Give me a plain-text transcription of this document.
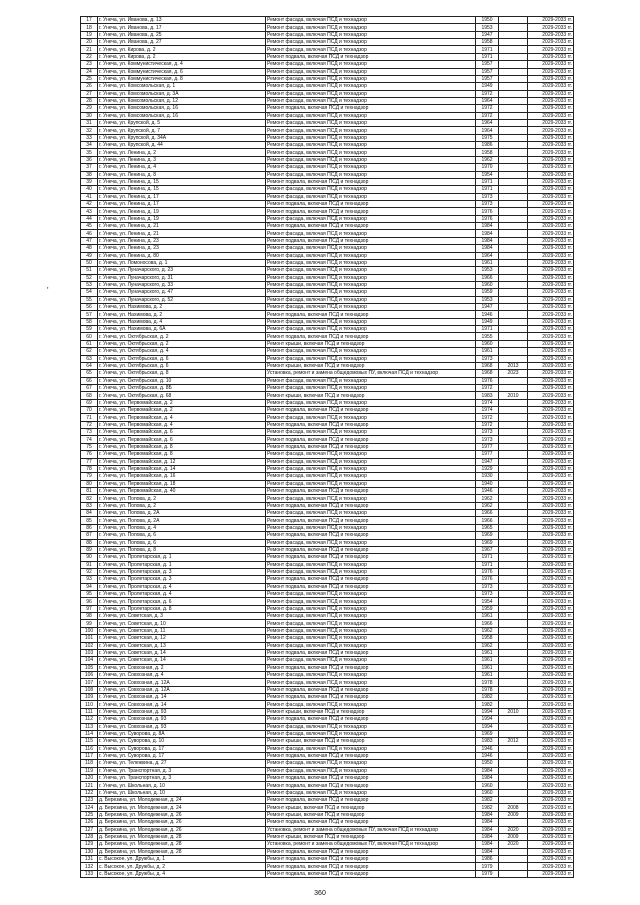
'
17	г. Унеча, ул. Иванова, д. 13	Ремонт фасада, включая ПСД и технадзор	1950		2029-2033 гг.
18	г. Унеча, ул. Иванова, д. 17	Ремонт фасада, включая ПСД и технадзор	1953		2029-2033 гг.
19	г. Унеча, ул. Иванова, д. 25	Ремонт фасада, включая ПСД и технадзор	1947		2029-2033 гг.
20	г. Унеча, ул. Иванова, д. 27	Ремонт фасада, включая ПСД и технадзор	1958		2029-2033 гг.
21	г. Унеча, ул. Кирова, д. 2	Ремонт фасада, включая ПСД и технадзор	1971		2029-2033 гг.
22	г. Унеча, ул. Кирова, д. 2	Ремонт подвала, включая ПСД и технадзор	1971		2029-2033 гг.
23	г. Унеча, ул. Коммунистическая, д. 4	Ремонт фасада, включая ПСД и технадзор	1957		2029-2033 гг.
24	г. Унеча, ул. Коммунистическая, д. 6	Ремонт фасада, включая ПСД и технадзор	1957		2029-2033 гг.
25	г. Унеча, ул. Коммунистическая, д. 8	Ремонт фасада, включая ПСД и технадзор	1957		2029-2033 гг.
26	г. Унеча, ул. Комсомольская, д. 1	Ремонт фасада, включая ПСД и технадзор	1949		2029-2033 гг.
27	г. Унеча, ул. Комсомольская, д. 3А	Ремонт фасада, включая ПСД и технадзор	1972		2029-2033 гг.
28	г. Унеча, ул. Комсомольская, д. 12	Ремонт фасада, включая ПСД и технадзор	1964		2029-2033 гг.
29	г. Унеча, ул. Комсомольская, д. 16	Ремонт подвала, включая ПСД и технадзор	1972		2029-2033 гг.
30	г. Унеча, ул. Комсомольская, д. 16	Ремонт фасада, включая ПСД и технадзор	1972		2029-2033 гг.
31	г. Унеча, ул. Крупской, д. 5	Ремонт фасада, включая ПСД и технадзор	1964		2029-2033 гг.
32	г. Унеча, ул. Крупской, д. 7	Ремонт фасада, включая ПСД и технадзор	1964		2029-2033 гг.
33	г. Унеча, ул. Крупской, д. 34А	Ремонт фасада, включая ПСД и технадзор	1975		2029-2033 гг.
34	г. Унеча, ул. Крупской, д. 44	Ремонт фасада, включая ПСД и технадзор	1986		2029-2033 гг.
35	г. Унеча, ул. Ленина, д. 2	Ремонт фасада, включая ПСД и технадзор	1958		2029-2033 гг.
36	г. Унеча, ул. Ленина, д. 3	Ремонт фасада, включая ПСД и технадзор	1962		2029-2033 гг.
37	г. Унеча, ул. Ленина, д. 4	Ремонт фасада, включая ПСД и технадзор	1970		2029-2033 гг.
38	г. Унеча, ул. Ленина, д. 8	Ремонт фасада, включая ПСД и технадзор	1954		2029-2033 гг.
39	г. Унеча, ул. Ленина, д. 15	Ремонт подвала, включая ПСД и технадзор	1971		2029-2033 гг.
40	г. Унеча, ул. Ленина, д. 15	Ремонт фасада, включая ПСД и технадзор	1971		2029-2033 гг.
41	г. Унеча, ул. Ленина, д. 17	Ремонт фасада, включая ПСД и технадзор	1973		2029-2033 гг.
42	г. Унеча, ул. Ленина, д. 17	Ремонт подвала, включая ПСД и технадзор	1973		2029-2033 гг.
43	г. Унеча, ул. Ленина, д. 19	Ремонт подвала, включая ПСД и технадзор	1976		2029-2033 гг.
44	г. Унеча, ул. Ленина, д. 19	Ремонт фасада, включая ПСД и технадзор	1976		2029-2033 гг.
45	г. Унеча, ул. Ленина, д. 21	Ремонт подвала, включая ПСД и технадзор	1984		2029-2033 гг.
46	г. Унеча, ул. Ленина, д. 21	Ремонт фасада, включая ПСД и технадзор	1984		2029-2033 гг.
47	г. Унеча, ул. Ленина, д. 23	Ремонт подвала, включая ПСД и технадзор	1984		2029-2033 гг.
48	г. Унеча, ул. Ленина, д. 23	Ремонт фасада, включая ПСД и технадзор	1984		2029-2033 гг.
49	г. Унеча, ул. Ленина, д. 80	Ремонт фасада, включая ПСД и технадзор	1964		2029-2033 гг.
50	г. Унеча, ул. Ломоносова, д. 1	Ремонт фасада, включая ПСД и технадзор	1961		2029-2033 гг.
51	г. Унеча, ул. Луначарского, д. 23	Ремонт фасада, включая ПСД и технадзор	1953		2029-2033 гг.
52	г. Унеча, ул. Луначарского, д. 31	Ремонт фасада, включая ПСД и технадзор	1966		2029-2033 гг.
53	г. Унеча, ул. Луначарского, д. 33	Ремонт фасада, включая ПСД и технадзор	1960		2029-2033 гг.
54	г. Унеча, ул. Луначарского, д. 47	Ремонт фасада, включая ПСД и технадзор	1959		2029-2033 гг.
55	г. Унеча, ул. Луначарского, д. 52	Ремонт фасада, включая ПСД и технадзор	1953		2029-2033 гг.
56	г. Унеча, ул. Нахимова, д. 2	Ремонт фасада, включая ПСД и технадзор	1947		2029-2033 гг.
57	г. Унеча, ул. Нахимова, д. 2	Ремонт подвала, включая ПСД и технадзор	1946		2029-2033 гг.
58	г. Унеча, ул. Нахимова, д. 4	Ремонт фасада, включая ПСД и технадзор	1949		2029-2033 гг.
59	г. Унеча, ул. Нахимова, д. 6А	Ремонт фасада, включая ПСД и технадзор	1971		2029-2033 гг.
60	г. Унеча, ул. Октябрьская, д. 2	Ремонт подвала, включая ПСД и технадзор	1955		2029-2033 гг.
61	г. Унеча, ул. Октябрьская, д. 2	Ремонт крыши, включая ПСД и технадзор	1960		2029-2033 гг.
62	г. Унеча, ул. Октябрьская, д. 4	Ремонт фасада, включая ПСД и технадзор	1961		2029-2033 гг.
63	г. Унеча, ул. Октябрьская, д. 6	Ремонт фасада, включая ПСД и технадзор	1973		2029-2033 гг.
64	г. Унеча, ул. Октябрьская, д. 6	Ремонт крыши, включая ПСД и технадзор	1968	2013	2029-2033 гг.
65	г. Унеча, ул. Октябрьская, д. 8	Установка, ремонт и замена общедомовых ПУ, включая ПСД и технадзор	1968	2023	2029-2033 гг.
66	г. Унеча, ул. Октябрьская, д. 10	Ремонт фасада, включая ПСД и технадзор	1976		2029-2033 гг.
67	г. Унеча, ул. Октябрьская, д. 8Б	Ремонт фасада, включая ПСД и технадзор	1972		2029-2033 гг.
68	г. Унеча, ул. Октябрьская, д. 68	Ремонт крыши, включая ПСД и технадзор	1983	2010	2029-2033 гг.
69	г. Унеча, ул. Первомайская, д. 2	Ремонт фасада, включая ПСД и технадзор	1974		2029-2033 гг.
70	г. Унеча, ул. Первомайская, д. 2	Ремонт подвала, включая ПСД и технадзор	1974		2029-2033 гг.
71	г. Унеча, ул. Первомайская, д. 4	Ремонт фасада, включая ПСД и технадзор	1972		2029-2033 гг.
72	г. Унеча, ул. Первомайская, д. 4	Ремонт подвала, включая ПСД и технадзор	1972		2029-2033 гг.
73	г. Унеча, ул. Первомайская, д. 6	Ремонт фасада, включая ПСД и технадзор	1973		2029-2033 гг.
74	г. Унеча, ул. Первомайская, д. 6	Ремонт подвала, включая ПСД и технадзор	1973		2029-2033 гг.
75	г. Унеча, ул. Первомайская, д. 8	Ремонт подвала, включая ПСД и технадзор	1977		2029-2033 гг.
76	г. Унеча, ул. Первомайская, д. 8	Ремонт фасада, включая ПСД и технадзор	1977		2029-2033 гг.
77	г. Унеча, ул. Первомайская, д. 12	Ремонт фасада, включая ПСД и технадзор	1947		2029-2033 гг.
78	г. Унеча, ул. Первомайская, д. 14	Ремонт фасада, включая ПСД и технадзор	1929		2029-2033 гг.
79	г. Унеча, ул. Первомайская, д. 16	Ремонт фасада, включая ПСД и технадзор	1930		2029-2033 гг.
80	г. Унеча, ул. Первомайская, д. 18	Ремонт фасада, включая ПСД и технадзор	1940		2029-2033 гг.
81	г. Унеча, ул. Первомайская, д. 40	Ремонт подвала, включая ПСД и технадзор	1946		2029-2033 гг.
82	г. Унеча, ул. Попова, д. 2	Ремонт фасада, включая ПСД и технадзор	1962		2029-2033 гг.
83	г. Унеча, ул. Попова, д. 2	Ремонт подвала, включая ПСД и технадзор	1962		2029-2033 гг.
84	г. Унеча, ул. Попова, д. 2А	Ремонт фасада, включая ПСД и технадзор	1966		2029-2033 гг.
85	г. Унеча, ул. Попова, д. 2А	Ремонт подвала, включая ПСД и технадзор	1966		2029-2033 гг.
86	г. Унеча, ул. Попова, д. 4	Ремонт фасада, включая ПСД и технадзор	1965		2029-2033 гг.
87	г. Унеча, ул. Попова, д. 6	Ремонт подвала, включая ПСД и технадзор	1969		2029-2033 гг.
88	г. Унеча, ул. Попова, д. 6	Ремонт фасада, включая ПСД и технадзор	1969		2029-2033 гг.
89	г. Унеча, ул. Попова, д. 8	Ремонт подвала, включая ПСД и технадзор	1967		2029-2033 гг.
90	г. Унеча, ул. Пролетарская, д. 1	Ремонт подвала, включая ПСД и технадзор	1971		2029-2033 гг.
91	г. Унеча, ул. Пролетарская, д. 1	Ремонт фасада, включая ПСД и технадзор	1971		2029-2033 гг.
92	г. Унеча, ул. Пролетарская, д. 3	Ремонт фасада, включая ПСД и технадзор	1976		2029-2033 гг.
93	г. Унеча, ул. Пролетарская, д. 3	Ремонт подвала, включая ПСД и технадзор	1976		2029-2033 гг.
94	г. Унеча, ул. Пролетарская, д. 4	Ремонт подвала, включая ПСД и технадзор	1973		2029-2033 гг.
95	г. Унеча, ул. Пролетарская, д. 4	Ремонт фасада, включая ПСД и технадзор	1973		2029-2033 гг.
96	г. Унеча, ул. Пролетарская, д. 6	Ремонт фасада, включая ПСД и технадзор	1954		2029-2033 гг.
97	г. Унеча, ул. Пролетарская, д. 8	Ремонт фасада, включая ПСД и технадзор	1959		2029-2033 гг.
98	г. Унеча, ул. Советская, д. 3	Ремонт фасада, включая ПСД и технадзор	1961		2029-2033 гг.
99	г. Унеча, ул. Советская, д. 10	Ремонт фасада, включая ПСД и технадзор	1966		2029-2033 гг.
100	г. Унеча, ул. Советская, д. 11	Ремонт фасада, включая ПСД и технадзор	1962		2029-2033 гг.
101	г. Унеча, ул. Советская, д. 12	Ремонт фасада, включая ПСД и технадзор	1958		2029-2033 гг.
102	г. Унеча, ул. Советская, д. 13	Ремонт фасада, включая ПСД и технадзор	1962		2029-2033 гг.
103	г. Унеча, ул. Советская, д. 14	Ремонт подвала, включая ПСД и технадзор	1961		2029-2033 гг.
104	г. Унеча, ул. Советская, д. 14	Ремонт фасада, включая ПСД и технадзор	1961		2029-2033 гг.
105	г. Унеча, ул. Совхозная, д. 2	Ремонт подвала, включая ПСД и технадзор	1961		2029-2033 гг.
106	г. Унеча, ул. Совхозная, д. 4	Ремонт фасада, включая ПСД и технадзор	1961		2029-2033 гг.
107	г. Унеча, ул. Совхозная, д. 12А	Ремонт фасада, включая ПСД и технадзор	1978		2029-2033 гг.
108	г. Унеча, ул. Совхозная, д. 12А	Ремонт подвала, включая ПСД и технадзор	1978		2029-2033 гг.
109	г. Унеча, ул. Совхозная, д. 14	Ремонт подвала, включая ПСД и технадзор	1982		2029-2033 гг.
110	г. Унеча, ул. Совхозная, д. 14	Ремонт фасада, включая ПСД и технадзор	1982		2029-2033 гг.
111	г. Унеча, ул. Совхозная, д. 93	Ремонт крыши, включая ПСД и технадзор	1994	2010	2029-2033 гг.
112	г. Унеча, ул. Совхозная, д. 93	Ремонт подвала, включая ПСД и технадзор	1994		2029-2033 гг.
113	г. Унеча, ул. Совхозная, д. 93	Ремонт фасада, включая ПСД и технадзор	1994		2029-2033 гг.
114	г. Унеча, ул. Суворова, д. 8А	Ремонт фасада, включая ПСД и технадзор	1969		2029-2033 гг.
115	г. Унеча, ул. Суворова, д. 10	Ремонт крыши, включая ПСД и технадзор	1983	2012	2029-2033 гг.
116	г. Унеча, ул. Суворова, д. 17	Ремонт фасада, включая ПСД и технадзор	1946		2029-2033 гг.
117	г. Унеча, ул. Суворова, д. 17	Ремонт подвала, включая ПСД и технадзор	1946		2029-2033 гг.
118	г. Унеча, ул. Тележкина, д. 27	Ремонт фасада, включая ПСД и технадзор	1950		2029-2033 гг.
119	г. Унеча, ул. Транспортная, д. 3	Ремонт фасада, включая ПСД и технадзор	1984		2029-2033 гг.
120	г. Унеча, ул. Транспортная, д. 3	Ремонт подвала, включая ПСД и технадзор	1984		2029-2033 гг.
121	г. Унеча, ул. Школьная, д. 10	Ремонт подвала, включая ПСД и технадзор	1960		2029-2033 гг.
122	г. Унеча, ул. Школьная, д. 10	Ремонт фасада, включая ПСД и технадзор	1960		2029-2033 гг.
123	д. Березина, ул. Молодежная, д. 24	Ремонт подвала, включая ПСД и технадзор	1982		2029-2033 гг.
124	д. Березина, ул. Молодежная, д. 24	Ремонт крыши, включая ПСД и технадзор	1982	2008	2029-2033 гг.
125	д. Березина, ул. Молодежная, д. 26	Ремонт крыши, включая ПСД и технадзор	1984	2009	2029-2033 гг.
126	д. Березина, ул. Молодежная, д. 26	Ремонт подвала, включая ПСД и технадзор	1984		2029-2033 гг.
127	д. Березина, ул. Молодежная, д. 26	Установка, ремонт и замена общедомовых ПУ, включая ПСД и технадзор	1984	2020	2029-2033 гг.
128	д. Березина, ул. Молодежная, д. 28	Ремонт крыши, включая ПСД и технадзор	1984	2009	2029-2033 гг.
129	д. Березина, ул. Молодежная, д. 28	Установка, ремонт и замена общедомовых ПУ, включая ПСД и технадзор	1984	2020	2029-2033 гг.
130	д. Березина, ул. Молодежная, д. 28	Ремонт подвала, включая ПСД и технадзор	1984		2029-2033 гг.
131	с. Высокое, ул. Дружбы, д. 1	Ремонт подвала, включая ПСД и технадзор	1986		2029-2033 гг.
132	с. Высокое, ул. Дружбы, д. 2	Ремонт подвала, включая ПСД и технадзор	1979		2029-2033 гг.
133	с. Высокое, ул. Дружбы, д. 4	Ремонт подвала, включая ПСД и технадзор	1979		2029-2033 гг.
360
